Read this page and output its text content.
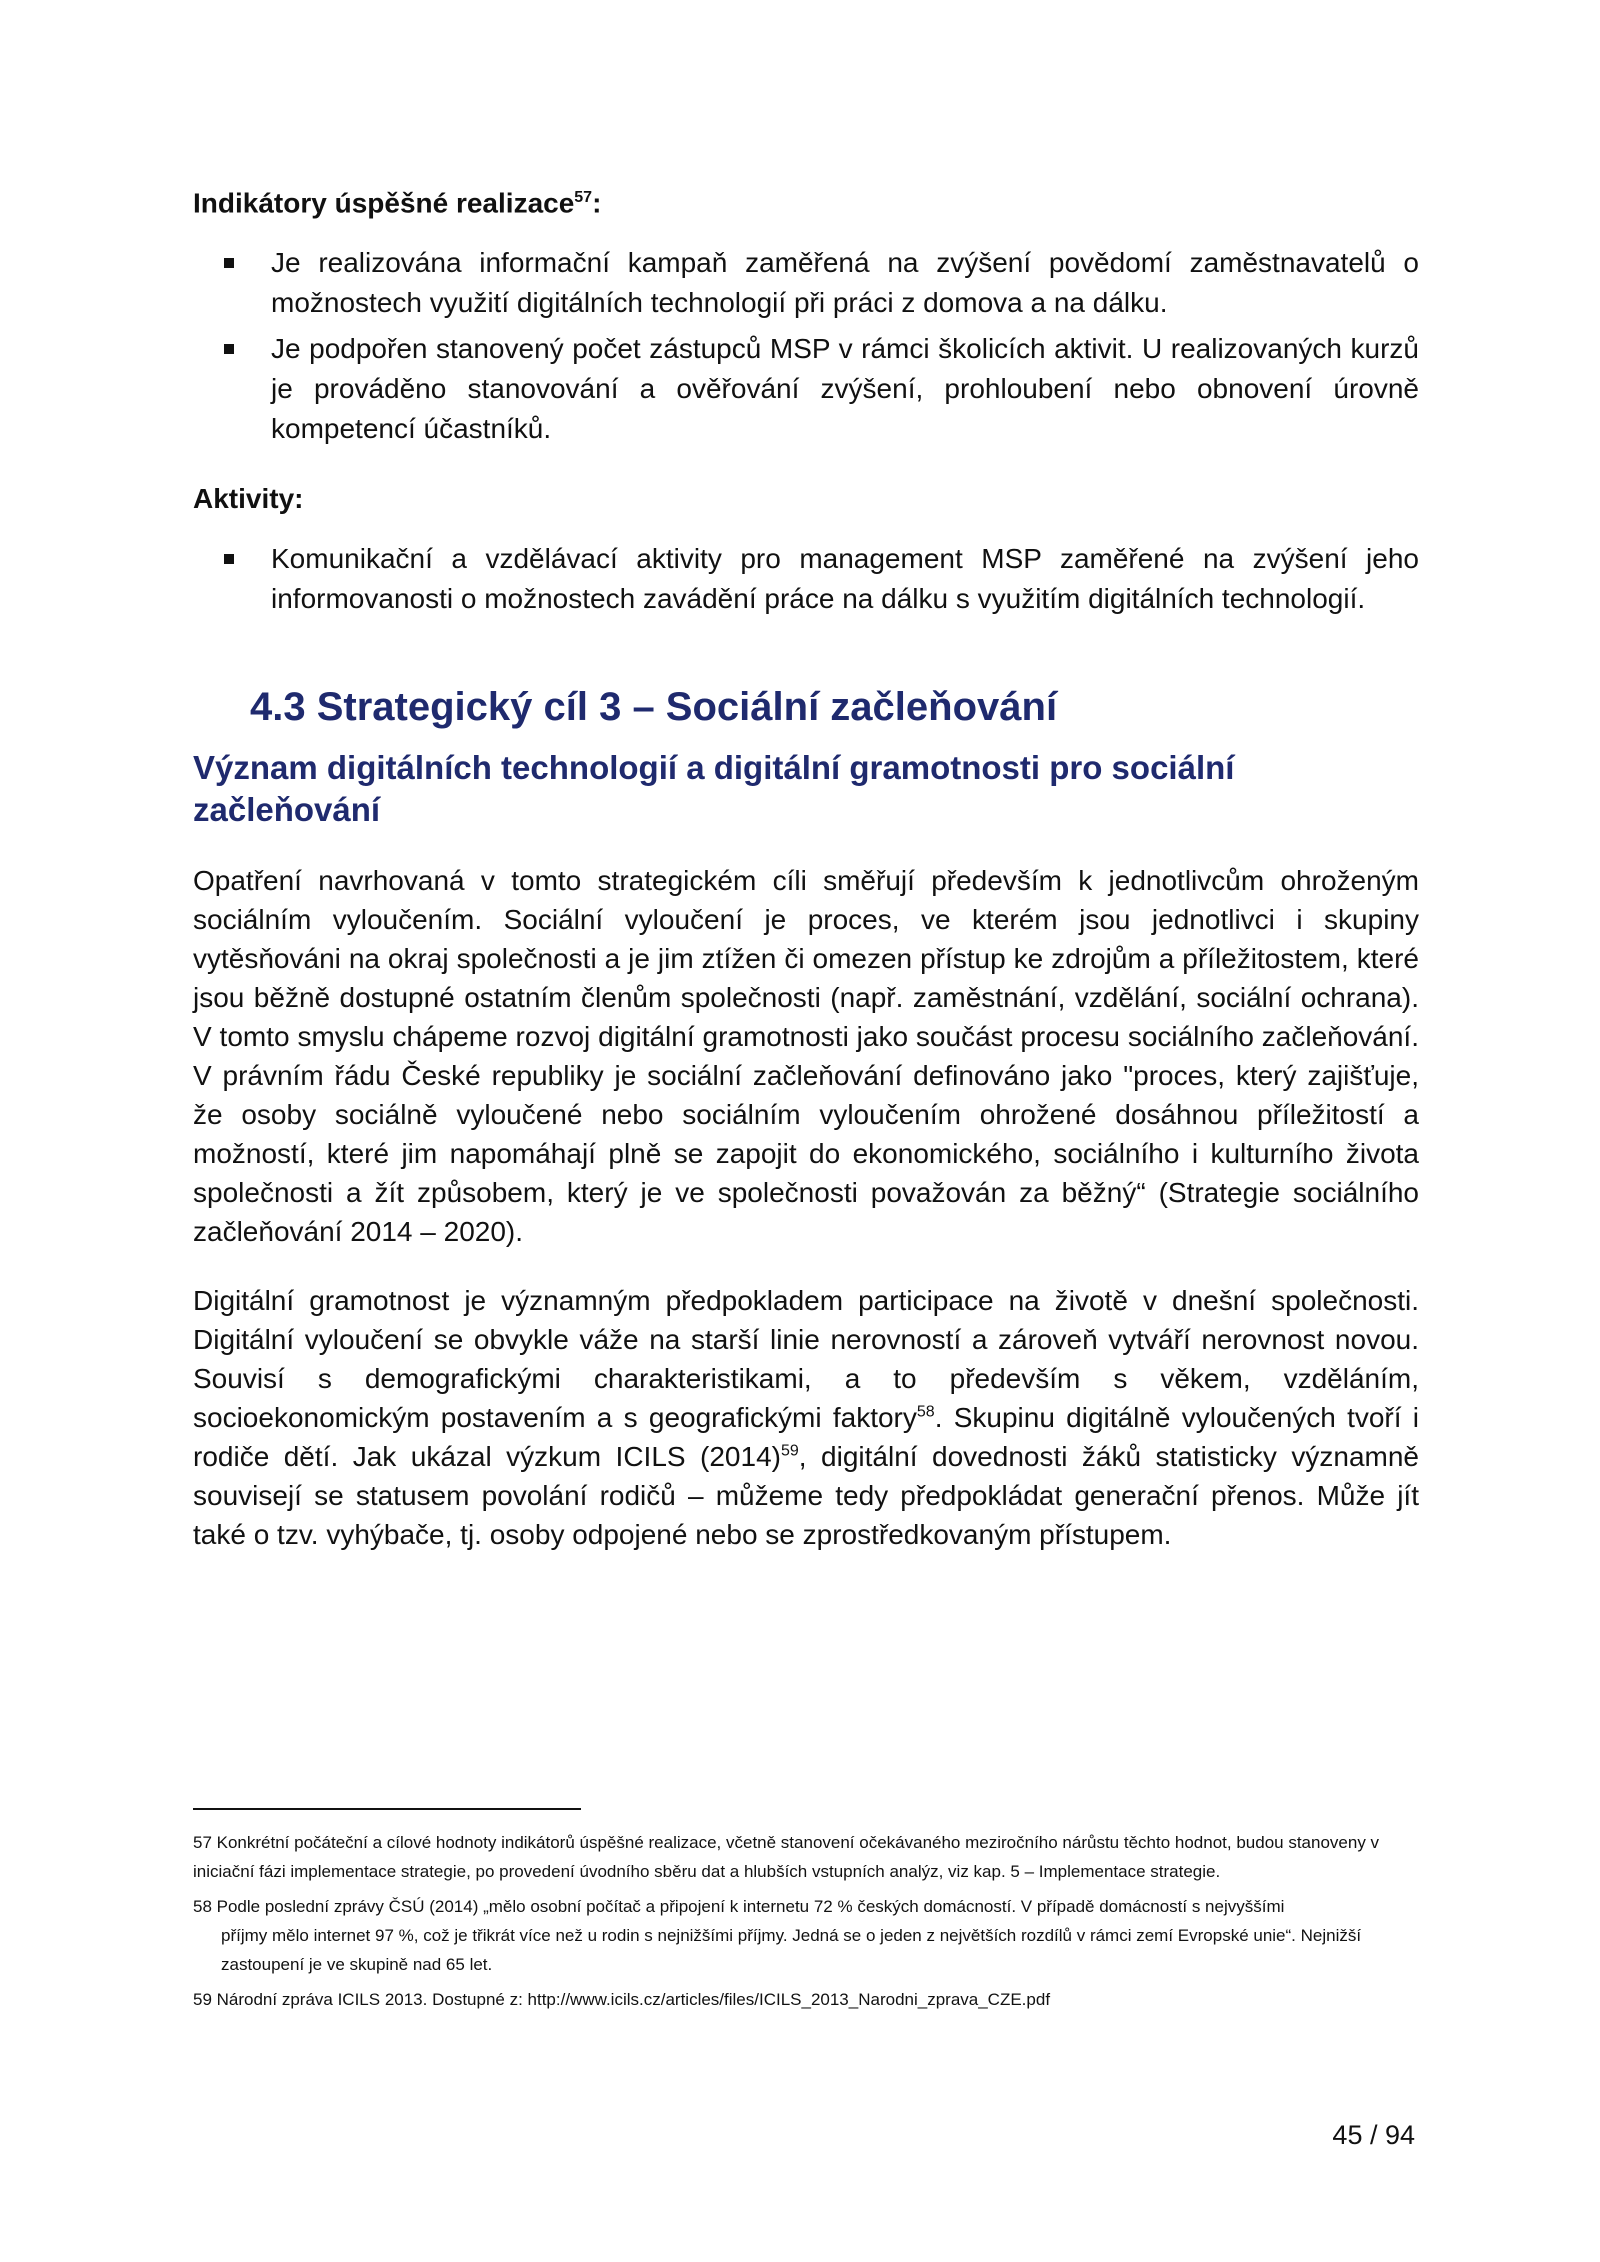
Indikátory úspěšné realizace$^{57}$:
Je realizována informační kampaň zaměřená na zvýšení povědomí zaměstnavatelů o možnostech využití digitálních technologií při práci z domova a na dálku.
Je podpořen stanovený počet zástupců MSP v rámci školicích aktivit. U realizovaných kurzů je prováděno stanovování a ověřování zvýšení, prohloubení nebo obnovení úrovně kompetencí účastníků.
Aktivity:
Komunikační a vzdělávací aktivity pro management MSP zaměřené na zvýšení jeho informovanosti o možnostech zavádění práce na dálku s využitím digitálních technologií.
4.3 Strategický cíl 3 – Sociální začleňování
Význam digitálních technologií a digitální gramotnosti pro sociální začleňování

Opatření navrhovaná v tomto strategickém cíli směřují především k jednotlivcům ohroženým sociálním vyloučením. Sociální vyloučení je proces, ve kterém jsou jednotlivci i skupiny vytěsňováni na okraj společnosti a je jim ztížen či omezen přístup ke zdrojům a příležitostem, které jsou běžně dostupné ostatním členům společnosti (např. zaměstnání, vzdělání, sociální ochrana). V tomto smyslu chápeme rozvoj digitální gramotnosti jako součást procesu sociálního začleňování. V právním řádu České republiky je sociální začleňování definováno jako "proces, který zajišťuje, že osoby sociálně vyloučené nebo sociálním vyloučením ohrožené dosáhnou příležitostí a možností, které jim napomáhají plně se zapojit do ekonomického, sociálního i kulturního života společnosti a žít způsobem, který je ve společnosti považován za běžný“ (Strategie sociálního začleňování 2014 – 2020).

Digitální gramotnost je významným předpokladem participace na životě v dnešní společnosti. Digitální vyloučení se obvykle váže na starší linie nerovností a zároveň vytváří nerovnost novou. Souvisí s demografickými charakteristikami, a to především s věkem, vzděláním, socioekonomickým postavením a s geografickými faktory$^{58}$. Skupinu digitálně vyloučených tvoří i rodiče dětí. Jak ukázal výzkum ICILS $(2014)^{59}$, digitální dovednosti žáků statisticky významně souvisejí se statusem povolání rodičů – můžeme tedy předpokládat generační přenos. Může jít také o tzv. vyhýbače, tj. osoby odpojené nebo se zprostředkovaným přístupem.

57 Konkrétní počáteční a cílové hodnoty indikátorů úspěšné realizace, včetně stanovení očekávaného meziročního nárůstu těchto hodnot, budou stanoveny v iniciační fázi implementace strategie, po provedení úvodního sběru dat a hlubších vstupních analýz, viz kap. 5 – Implementace strategie.
58 Podle poslední zprávy ČSÚ (2014) „mělo osobní počítač a připojení k internetu 72 % českých domácností. V případě domácností s nejvyššími
příjmy mělo internet 97 %, což je třikrát více než u rodin s nejnižšími příjmy. Jedná se o jeden z největších rozdílů v rámci zemí Evropské unie“. Nejnižší zastoupení je ve skupině nad 65 let.
59 Národní zpráva ICILS 2013. Dostupné z: http://www.icils.cz/articles/files/ICILS_2013_Narodni_zprava_CZE.pdf
45 / 94
